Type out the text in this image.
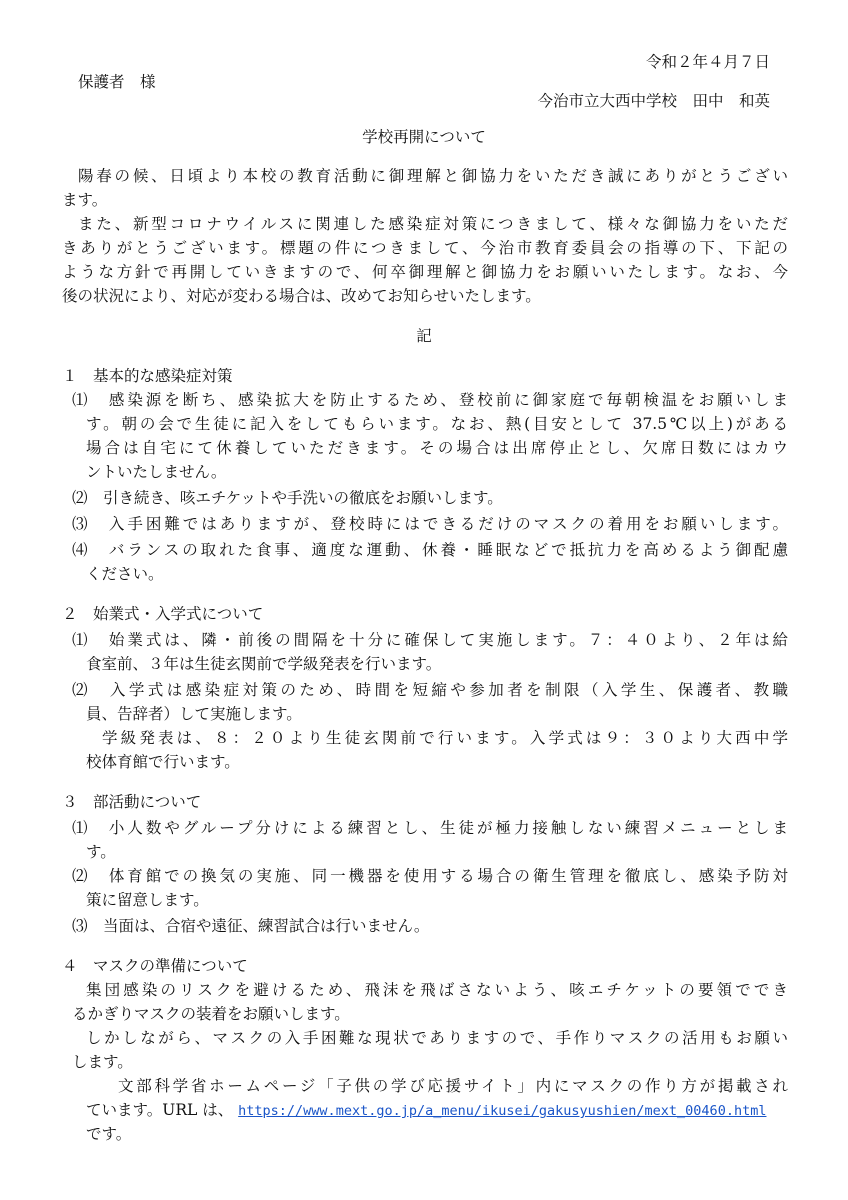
令和２年４月７日
保護者　様
今治市立大西中学校　田中　和英
学校再開について
陽春の候、日頃より本校の教育活動に御理解と御協力をいただき誠にありがとうござい
ます。
また、新型コロナウイルスに関連した感染症対策につきまして、様々な御協力をいただ
きありがとうございます。標題の件につきまして、今治市教育委員会の指導の下、下記の
ような方針で再開していきますので、何卒御理解と御協力をお願いいたします。なお、今
後の状況により、対応が変わる場合は、改めてお知らせいたします。
記
１　基本的な感染症対策
⑴　感染源を断ち、感染拡大を防止するため、登校前に御家庭で毎朝検温をお願いしま
す。朝の会で生徒に記入をしてもらいます。なお、熱(目安として 37.5℃以上)がある
場合は自宅にて休養していただきます。その場合は出席停止とし、欠席日数にはカウ
ントいたしません。
⑵　引き続き、咳エチケットや手洗いの徹底をお願いします。
⑶　入手困難ではありますが、登校時にはできるだけのマスクの着用をお願いします。
⑷　バランスの取れた食事、適度な運動、休養・睡眠などで抵抗力を高めるよう御配慮
ください。
２　始業式・入学式について
⑴　始業式は、隣・前後の間隔を十分に確保して実施します。７：４０より、２年は給
食室前、３年は生徒玄関前で学級発表を行います。
⑵　入学式は感染症対策のため、時間を短縮や参加者を制限（入学生、保護者、教職
員、告辞者）して実施します。
学級発表は、８：２０より生徒玄関前で行います。入学式は９：３０より大西中学
校体育館で行います。
３　部活動について
⑴　小人数やグループ分けによる練習とし、生徒が極力接触しない練習メニューとしま
す。
⑵　体育館での換気の実施、同一機器を使用する場合の衛生管理を徹底し、感染予防対
策に留意します。
⑶　当面は、合宿や遠征、練習試合は行いません。
４　マスクの準備について
集団感染のリスクを避けるため、飛沫を飛ばさないよう、咳エチケットの要領ででき
るかぎりマスクの装着をお願いします。
しかしながら、マスクの入手困難な現状でありますので、手作りマスクの活用もお願い
します。
文部科学省ホームページ「子供の学び応援サイト」内にマスクの作り方が掲載され
ています。URL は、 https://www.mext.go.jp/a_menu/ikusei/gakusyushien/mext_00460.html
です。
